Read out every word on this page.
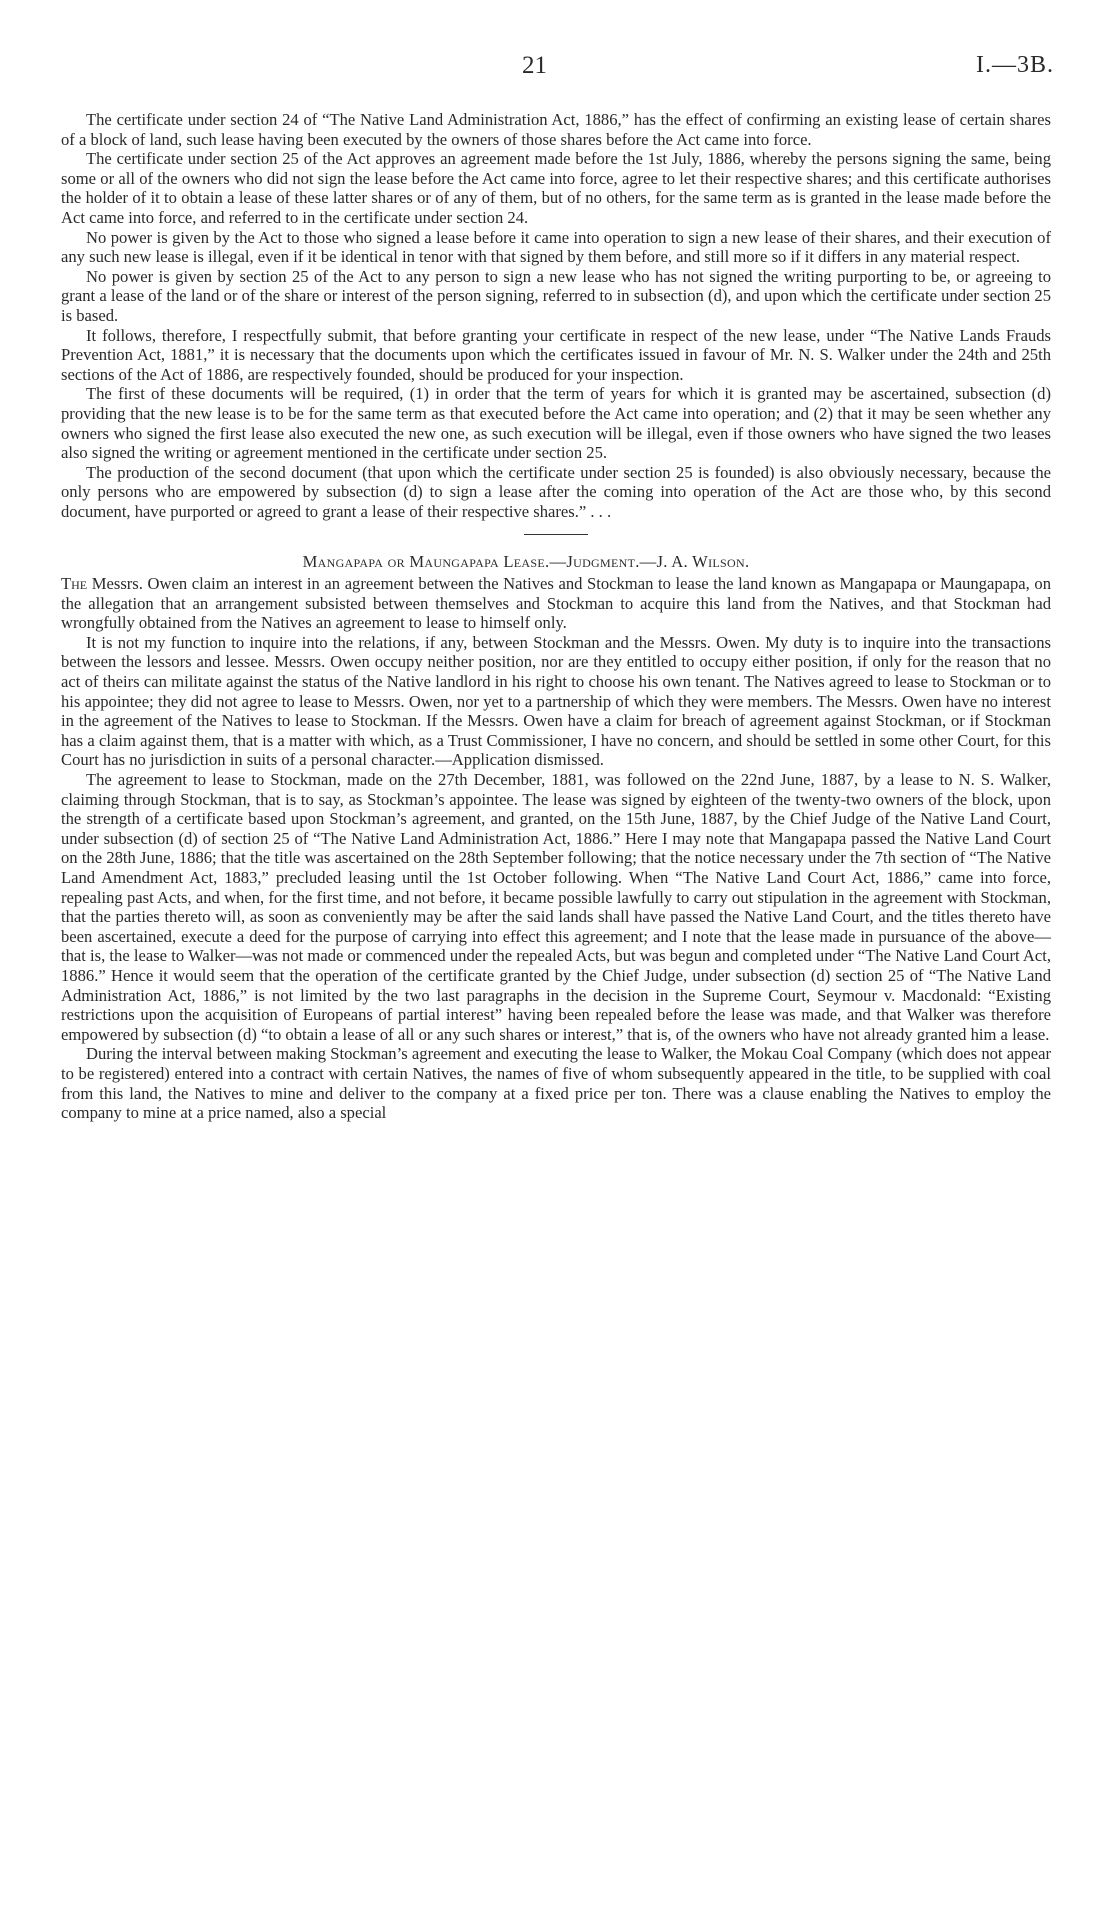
21	I.—3B.

The certificate under section 24 of “The Native Land Administration Act, 1886,” has the effect of confirming an existing lease of certain shares of a block of land, such lease having been executed by the owners of those shares before the Act came into force.

The certificate under section 25 of the Act approves an agreement made before the 1st July, 1886, whereby the persons signing the same, being some or all of the owners who did not sign the lease before the Act came into force, agree to let their respective shares; and this certificate authorises the holder of it to obtain a lease of these latter shares or of any of them, but of no others, for the same term as is granted in the lease made before the Act came into force, and referred to in the certificate under section 24.

No power is given by the Act to those who signed a lease before it came into operation to sign a new lease of their shares, and their execution of any such new lease is illegal, even if it be identical in tenor with that signed by them before, and still more so if it differs in any material respect.

No power is given by section 25 of the Act to any person to sign a new lease who has not signed the writing purporting to be, or agreeing to grant a lease of the land or of the share or interest of the person signing, referred to in subsection (d), and upon which the certificate under section 25 is based.

It follows, therefore, I respectfully submit, that before granting your certificate in respect of the new lease, under “The Native Lands Frauds Prevention Act, 1881,” it is necessary that the documents upon which the certificates issued in favour of Mr. N. S. Walker under the 24th and 25th sections of the Act of 1886, are respectively founded, should be produced for your inspection.

The first of these documents will be required, (1) in order that the term of years for which it is granted may be ascertained, subsection (d) providing that the new lease is to be for the same term as that executed before the Act came into operation; and (2) that it may be seen whether any owners who signed the first lease also executed the new one, as such execution will be illegal, even if those owners who have signed the two leases also signed the writing or agreement mentioned in the certificate under section 25.

The production of the second document (that upon which the certificate under section 25 is founded) is also obviously necessary, because the only persons who are empowered by subsection (d) to sign a lease after the coming into operation of the Act are those who, by this second document, have purported or agreed to grant a lease of their respective shares.” . . .

Mangapapa or Maungapapa Lease.—Judgment.—J. A. Wilson.

The Messrs. Owen claim an interest in an agreement between the Natives and Stockman to lease the land known as Mangapapa or Maungapapa, on the allegation that an arrangement subsisted between themselves and Stockman to acquire this land from the Natives, and that Stockman had wrongfully obtained from the Natives an agreement to lease to himself only.

It is not my function to inquire into the relations, if any, between Stockman and the Messrs. Owen. My duty is to inquire into the transactions between the lessors and lessee. Messrs. Owen occupy neither position, nor are they entitled to occupy either position, if only for the reason that no act of theirs can militate against the status of the Native landlord in his right to choose his own tenant. The Natives agreed to lease to Stockman or to his appointee; they did not agree to lease to Messrs. Owen, nor yet to a partnership of which they were members. The Messrs. Owen have no interest in the agreement of the Natives to lease to Stockman. If the Messrs. Owen have a claim for breach of agreement against Stockman, or if Stockman has a claim against them, that is a matter with which, as a Trust Commissioner, I have no concern, and should be settled in some other Court, for this Court has no jurisdiction in suits of a personal character.—Application dismissed.

The agreement to lease to Stockman, made on the 27th December, 1881, was followed on the 22nd June, 1887, by a lease to N. S. Walker, claiming through Stockman, that is to say, as Stockman’s appointee. The lease was signed by eighteen of the twenty-two owners of the block, upon the strength of a certificate based upon Stockman’s agreement, and granted, on the 15th June, 1887, by the Chief Judge of the Native Land Court, under subsection (d) of section 25 of “The Native Land Administration Act, 1886.” Here I may note that Mangapapa passed the Native Land Court on the 28th June, 1886; that the title was ascertained on the 28th September following; that the notice necessary under the 7th section of “The Native Land Amendment Act, 1883,” precluded leasing until the 1st October following. When “The Native Land Court Act, 1886,” came into force, repealing past Acts, and when, for the first time, and not before, it became possible lawfully to carry out stipulation in the agreement with Stockman, that the parties thereto will, as soon as conveniently may be after the said lands shall have passed the Native Land Court, and the titles thereto have been ascertained, execute a deed for the purpose of carrying into effect this agreement; and I note that the lease made in pursuance of the above—that is, the lease to Walker—was not made or commenced under the repealed Acts, but was begun and completed under “The Native Land Court Act, 1886.” Hence it would seem that the operation of the certificate granted by the Chief Judge, under subsection (d) section 25 of “The Native Land Administration Act, 1886,” is not limited by the two last paragraphs in the decision in the Supreme Court, Seymour v. Macdonald: “Existing restrictions upon the acquisition of Europeans of partial interest” having been repealed before the lease was made, and that Walker was therefore empowered by subsection (d) “to obtain a lease of all or any such shares or interest,” that is, of the owners who have not already granted him a lease.

During the interval between making Stockman’s agreement and executing the lease to Walker, the Mokau Coal Company (which does not appear to be registered) entered into a contract with certain Natives, the names of five of whom subsequently appeared in the title, to be supplied with coal from this land, the Natives to mine and deliver to the company at a fixed price per ton. There was a clause enabling the Natives to employ the company to mine at a price named, also a special
